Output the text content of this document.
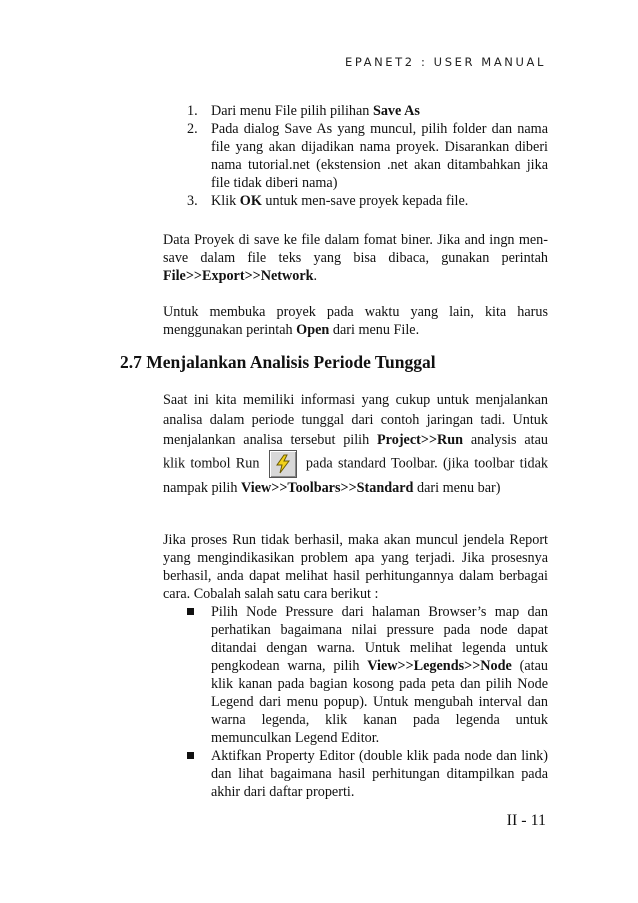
EPANET2 : USER MANUAL
1. Dari menu File pilih pilihan Save As
2. Pada dialog Save As yang muncul, pilih folder dan nama file yang akan dijadikan nama proyek. Disarankan diberi nama tutorial.net (ekstension .net akan ditambahkan jika file tidak diberi nama)
3. Klik OK untuk men-save proyek kepada file.

Data Proyek di save ke file dalam fomat biner. Jika and ingn men-save dalam file teks yang bisa dibaca, gunakan perintah File>>Export>>Network.

Untuk membuka proyek pada waktu yang lain, kita harus menggunakan perintah Open dari menu File.

2.7 Menjalankan Analisis Periode Tunggal

Saat ini kita memiliki informasi yang cukup untuk menjalankan analisa dalam periode tunggal dari contoh jaringan tadi. Untuk menjalankan analisa tersebut pilih Project>>Run analysis atau klik tombol Run	pada standard Toolbar. (jika toolbar tidak nampak pilih View>>Toolbars>>Standard dari menu bar)

Jika proses Run tidak berhasil, maka akan muncul jendela Report yang mengindikasikan problem apa yang terjadi. Jika prosesnya berhasil, anda dapat melihat hasil perhitungannya dalam berbagai cara. Cobalah salah satu cara berikut :

Pilih Node Pressure dari halaman Browser’s map dan perhatikan bagaimana nilai pressure pada node dapat ditandai dengan warna. Untuk melihat legenda untuk pengkodean warna, pilih View>>Legends>>Node (atau klik kanan pada bagian kosong pada peta dan pilih Node Legend dari menu popup). Untuk mengubah interval dan warna legenda, klik kanan pada legenda untuk memunculkan Legend Editor.
Aktifkan Property Editor (double klik pada node dan link) dan lihat bagaimana hasil perhitungan ditampilkan pada akhir dari daftar properti.
II - 11
